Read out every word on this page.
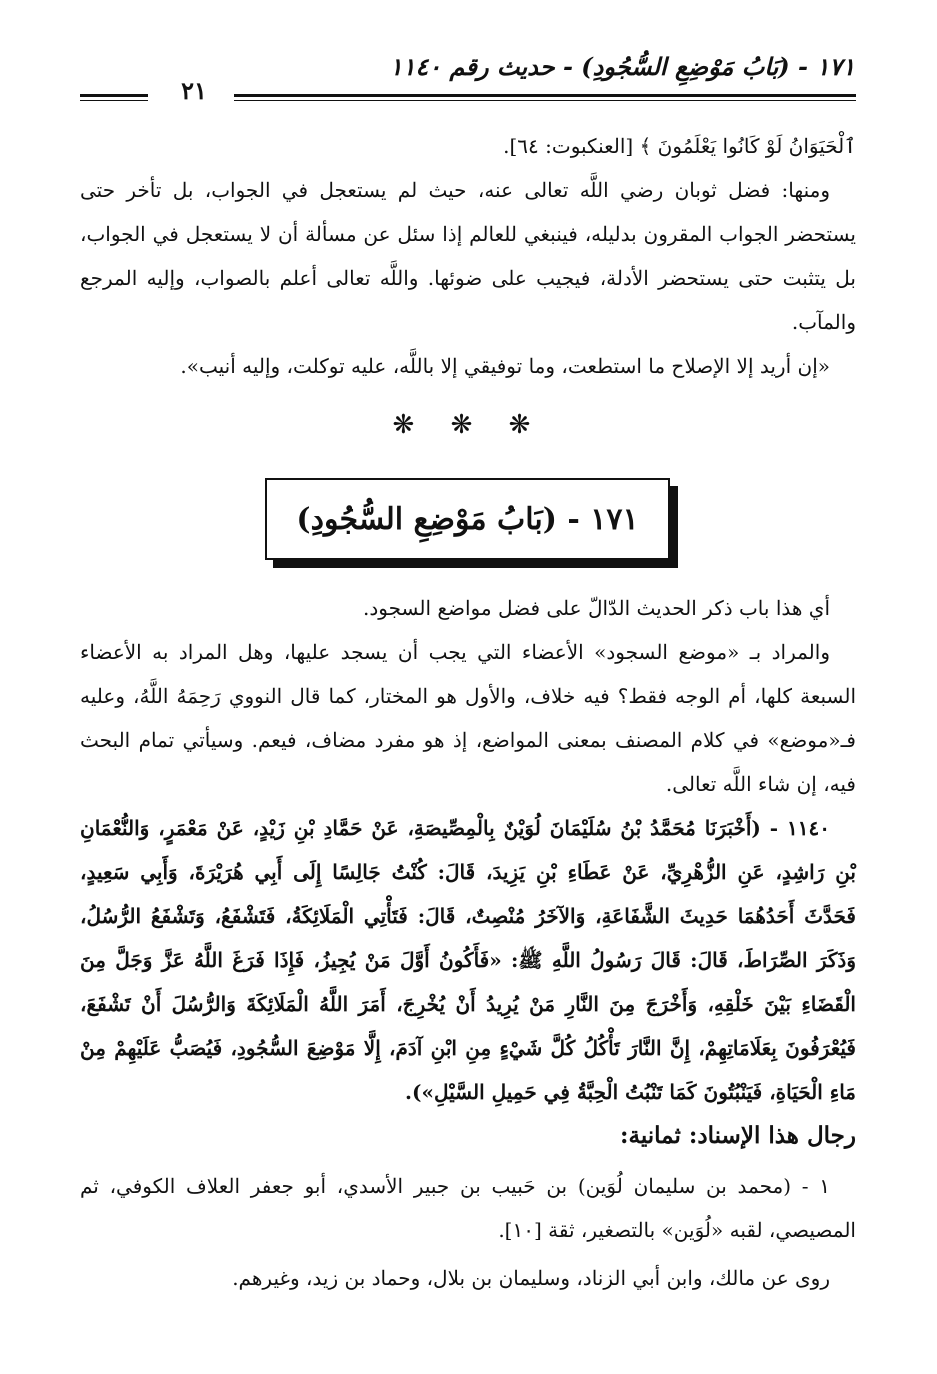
١٧١ - (بَابُ مَوْضِعِ السُّجُودِ) - حديث رقم ١١٤٠
٢١

ٱلْحَيَوَانُ لَوْ كَانُوا يَعْلَمُونَ ﴾ [العنكبوت: ٦٤].

ومنها: فضل ثوبان رضي اللَّه تعالى عنه، حيث لم يستعجل في الجواب، بل تأخر حتى يستحضر الجواب المقرون بدليله، فينبغي للعالم إذا سئل عن مسألة أن لا يستعجل في الجواب، بل يتثبت حتى يستحضر الأدلة، فيجيب على ضوئها. واللَّه تعالى أعلم بالصواب، وإليه المرجع والمآب.

«إن أريد إلا الإصلاح ما استطعت، وما توفيقي إلا باللَّه، عليه توكلت، وإليه أنيب».

❋ ❋ ❋
١٧١ - (بَابُ مَوْضِعِ السُّجُودِ)

أي هذا باب ذكر الحديث الدّالّ على فضل مواضع السجود.

والمراد بـ «موضع السجود» الأعضاء التي يجب أن يسجد عليها، وهل المراد به الأعضاء السبعة كلها، أم الوجه فقط؟ فيه خلاف، والأول هو المختار، كما قال النووي رَحِمَهُ اللَّهُ، وعليه فـ«موضع» في كلام المصنف بمعنى المواضع، إذ هو مفرد مضاف، فيعم. وسيأتي تمام البحث فيه، إن شاء اللَّه تعالى.

١١٤٠ - (أَخْبَرَنَا مُحَمَّدُ بْنُ سُلَيْمَانَ لُوَيْنٌ بِالْمِصِّيصَةِ، عَنْ حَمَّادِ بْنِ زَيْدٍ، عَنْ مَعْمَرٍ، وَالنُّعْمَانِ بْنِ رَاشِدٍ، عَنِ الزُّهْرِيِّ، عَنْ عَطَاءِ بْنِ يَزِيدَ، قَالَ: كُنْتُ جَالِسًا إِلَى أَبِي هُرَيْرَةَ، وَأَبِي سَعِيدٍ، فَحَدَّثَ أَحَدُهُمَا حَدِيثَ الشَّفَاعَةِ، وَالآخَرُ مُنْصِتٌ، قَالَ: فَتَأْتِي الْمَلَائِكَةُ، فَتَشْفَعُ، وَتَشْفَعُ الرُّسُلُ، وَذَكَرَ الصِّرَاطَ، قَالَ: قَالَ رَسُولُ اللَّهِ ﷺ: «فَأَكُونُ أَوَّلَ مَنْ يُجِيزُ، فَإِذَا فَرَغَ اللَّهُ عَزَّ وَجَلَّ مِنَ الْقَضَاءِ بَيْنَ خَلْقِهِ، وَأَخْرَجَ مِنَ النَّارِ مَنْ يُرِيدُ أَنْ يُخْرِجَ، أَمَرَ اللَّهُ الْمَلَائِكَةَ وَالرُّسُلَ أَنْ تَشْفَعَ، فَيُعْرَفُونَ بِعَلَامَاتِهِمْ، إِنَّ النَّارَ تَأْكُلُ كُلَّ شَيْءٍ مِنِ ابْنِ آدَمَ، إِلَّا مَوْضِعَ السُّجُودِ، فَيُصَبُّ عَلَيْهِمْ مِنْ مَاءِ الْحَيَاةِ، فَيَنْبُتُونَ كَمَا تَنْبُتُ الْحِبَّةُ فِي حَمِيلِ السَّيْلِ»).

رجال هذا الإسناد: ثمانية:

١ - (محمد بن سليمان لُوَين) بن حَبيب بن جبير الأسدي، أبو جعفر العلاف الكوفي، ثم المصيصي، لقبه «لُوَين» بالتصغير، ثقة [١٠].

روى عن مالك، وابن أبي الزناد، وسليمان بن بلال، وحماد بن زيد، وغيرهم.
